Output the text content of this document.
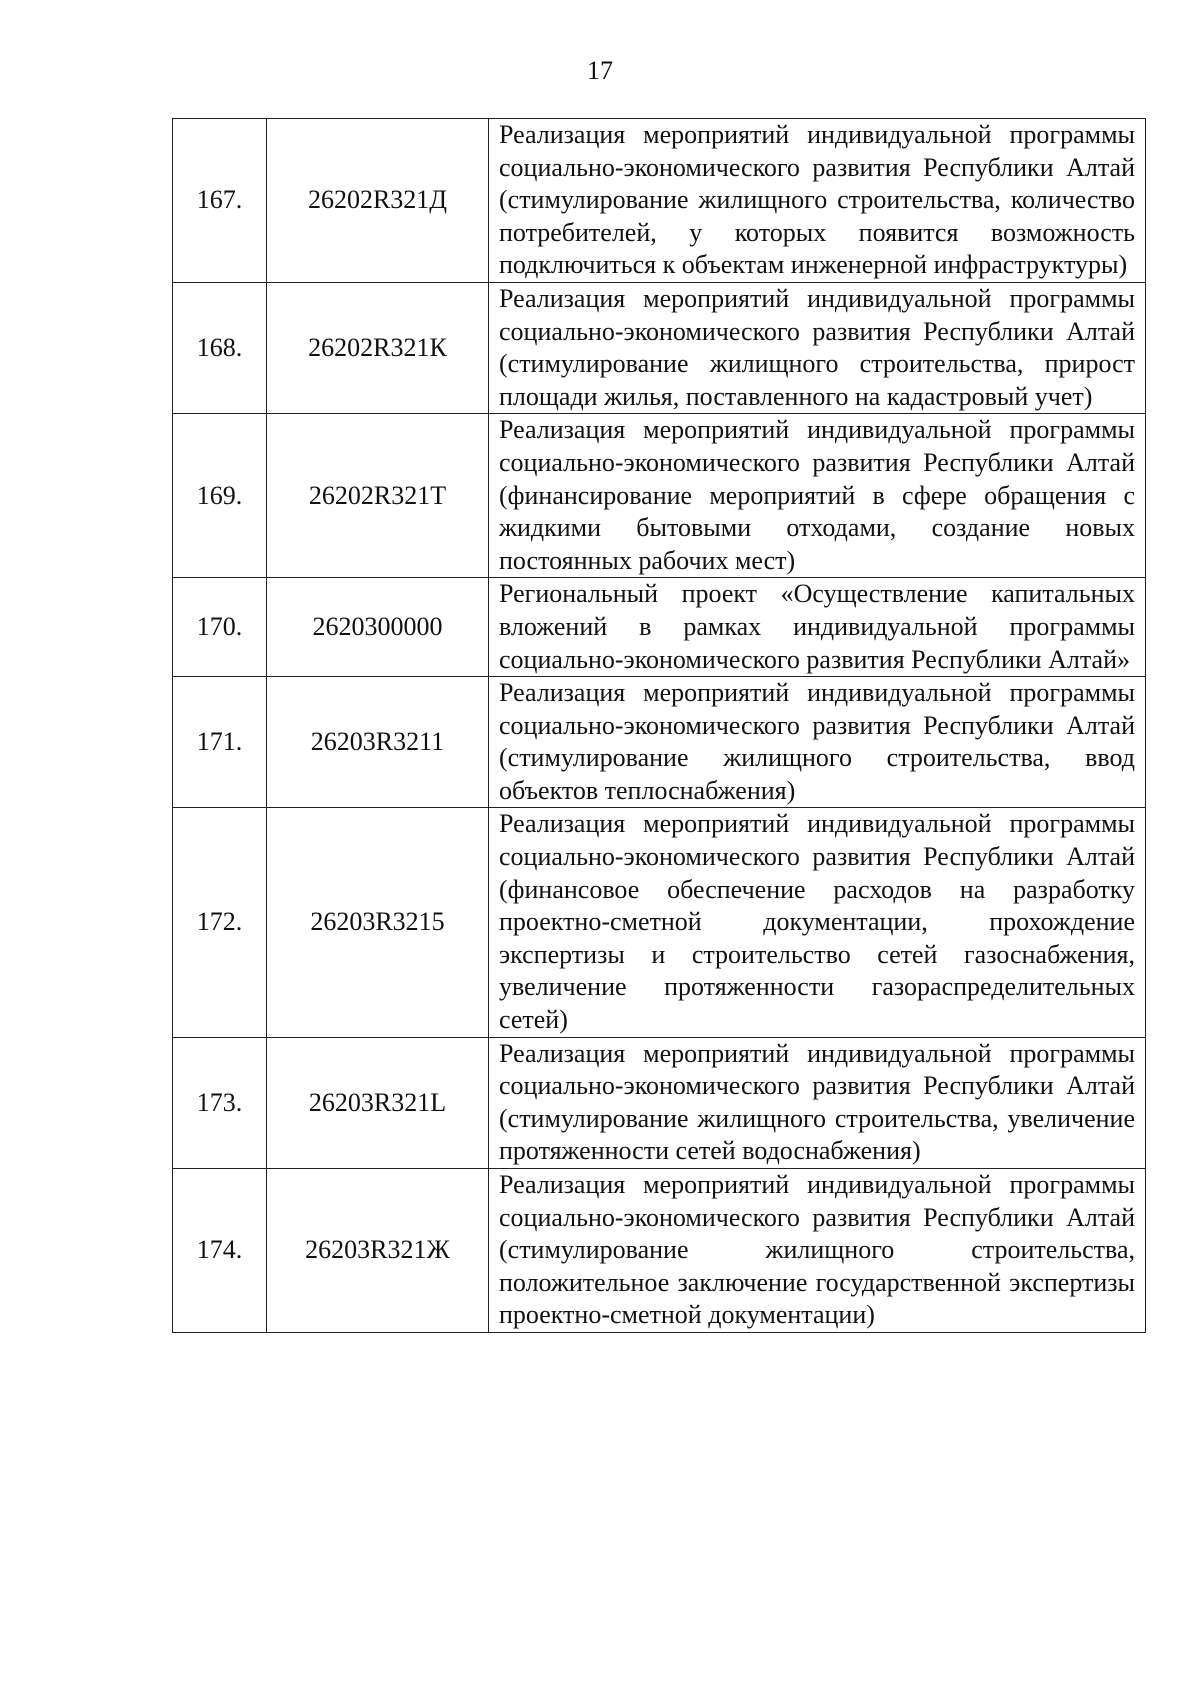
17
167.	26202R321Д	Реализация мероприятий индивидуальной программы социально-экономического развития Республики Алтай (стимулирование жилищного строительства, количество потребителей, у которых появится возможность подключиться к объектам инженерной инфраструктуры)
168.	26202R321К	Реализация мероприятий индивидуальной программы социально-экономического развития Республики Алтай (стимулирование жилищного строительства, прирост площади жилья, поставленного на кадастровый учет)
169.	26202R321Т	Реализация мероприятий индивидуальной программы социально-экономического развития Республики Алтай (финансирование мероприятий в сфере обращения с жидкими бытовыми отходами, создание новых постоянных рабочих мест)
170.	2620300000	Региональный проект «Осуществление капитальных вложений в рамках индивидуальной программы социально-экономического развития Республики Алтай»
171.	26203R3211	Реализация мероприятий индивидуальной программы социально-экономического развития Республики Алтай (стимулирование жилищного строительства, ввод объектов теплоснабжения)
172.	26203R3215	Реализация мероприятий индивидуальной программы социально-экономического развития Республики Алтай (финансовое обеспечение расходов на разработку проектно-сметной документации, прохождение экспертизы и строительство сетей газоснабжения, увеличение протяженности газораспределительных сетей)
173.	26203R321L	Реализация мероприятий индивидуальной программы социально-экономического развития Республики Алтай (стимулирование жилищного строительства, увеличение протяженности сетей водоснабжения)
174.	26203R321Ж	Реализация мероприятий индивидуальной программы социально-экономического развития Республики Алтай (стимулирование жилищного строительства, положительное заключение государственной экспертизы проектно-сметной документации)
